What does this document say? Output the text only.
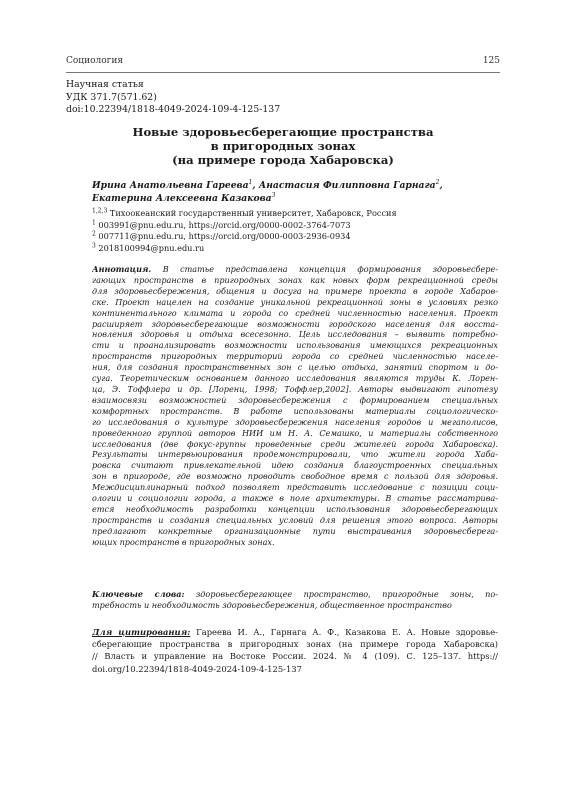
Социология	125
Научная статья
УДК 371.7(571.62)
doi:10.22394/1818-4049-2024-109-4-125-137
Новые здоровьесберегающие пространства
в пригородных зонах
(на примере города Хабаровска)
Ирина Анатольевна Гареева$^1$, Анастасия Филипповна Гарнага$^2$,
Екатерина Алексеевна Казакова$^3$
$^{1,2,3}$ Тихоокеанский государственный университет, Хабаровск, Россия
$^1$ 003991@pnu.edu.ru, https://orcid.org/0000-0002-3764-7073
$^2$ 007711@pnu.edu.ru, https://orcid.org/0000-0003-2936-0934
$^3$ 2018100994@pnu.edu.ru
Аннотация. В статье представлена концепция формирования здоровьесбере-
гающих пространств в пригородных зонах как новых форм рекреационной среды
для здоровьесбережения, общения и досуга на примере проекта в городе Хабаров-
ске. Проект нацелен на создание уникальной рекреационной зоны в условиях резко
континентального климата и города со средней численностью населения. Проект
расширяет здоровьесберегающие возможности городского населения для восста-
новления здоровья и отдыха всесезонно. Цель исследования – выявить потребно-
сти и проанализировать возможности использования имеющихся рекреационных
пространств пригородных территорий города со средней численностью населе-
ния, для создания пространственных зон с целью отдыха, занятий спортом и до-
суга. Теоретическим основанием данного исследования являются труды К. Лорен-
ца, Э. Тоффлера и др. [Лоренц, 1998; Тоффлер,2002]. Авторы выдвигают гипотезу
взаимосвязи возможностей здоровьесбережения с формированием специальных
комфортных пространств. В работе использованы материалы социологическо-
го исследования о культуре здоровьесбережения населения городов и мегаполисов,
проведенного группой авторов НИИ им Н. А. Семашко, и материалы собственного
исследования (две фокус-группы проведенные среди жителей города Хабаровска).
Результаты интервьюирования продемонстрировали, что жители города Хаба-
ровска считают привлекательной идею создания благоустроенных специальных
зон в пригороде, где возможно проводить свободное время с пользой для здоровья.
Междисциплинарный подход позволяет представить исследование с позиции соци-
ологии и социологии города, а также в поле архитектуры. В статье рассматрива-
ется необходимость разработки концепции использования здоровьесберегающих
пространств и создания специальных условий для решения этого вопроса. Авторы
предлагают конкретные организационные пути выстраивания здоровьесберега-
ющих пространств в пригородных зонах.
Ключевые слова: здоровьесберегающее пространство, пригородные зоны, по-
требность и необходимость здоровьесбережения, общественное пространство
Для цитирования: Гареева И. А., Гарнага А. Ф., Казакова Е. А. Новые здоровье-
сберегающие пространства в пригородных зонах (на примере города Хабаровска)
// Власть и управление на Востоке России. 2024. № 4 (109). С. 125–137. https://
doi.org/10.22394/1818-4049-2024-109-4-125-137
